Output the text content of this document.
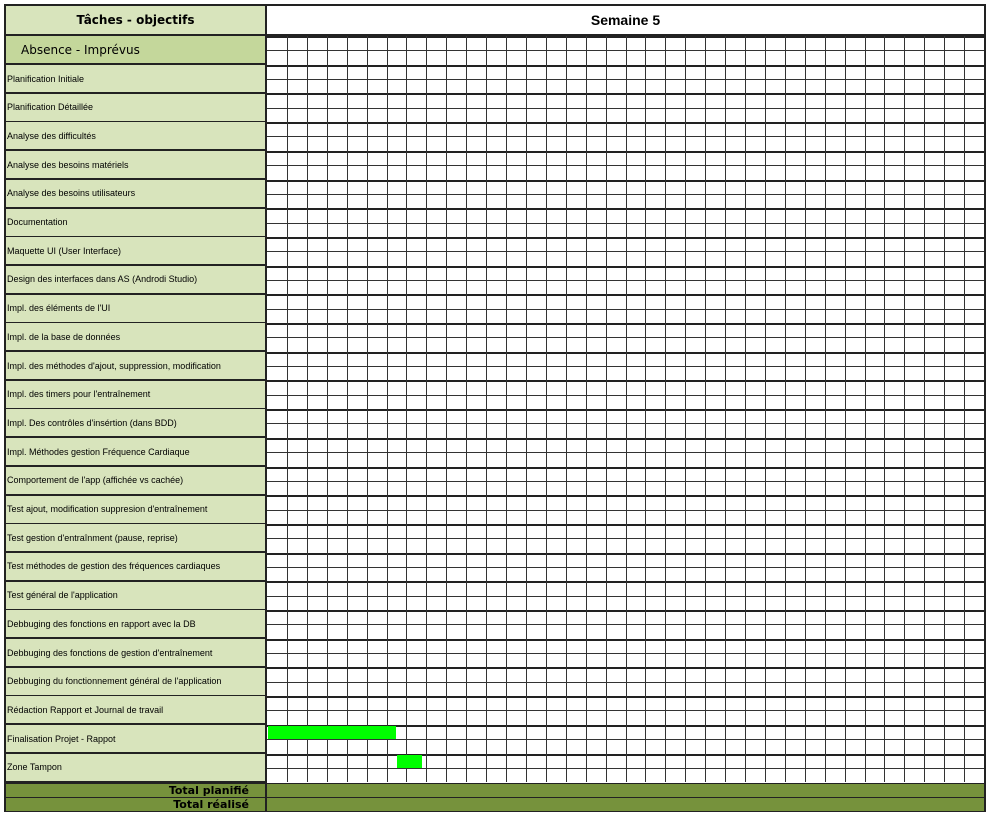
Tâches - objectifs	Semaine 5
Absence - Imprévus
Planification Initiale
Planification Détaillée
Analyse des difficultés
Analyse des besoins matériels
Analyse des besoins utilisateurs
Documentation
Maquette UI (User Interface)
Design des interfaces dans AS (Androdi Studio)
Impl. des éléments de l'UI
Impl. de la base de données
Impl. des méthodes d'ajout, suppression, modification
Impl. des timers pour l'entraînement
Impl. Des contrôles d'insértion (dans BDD)
Impl. Méthodes gestion Fréquence Cardiaque
Comportement de l'app (affichée vs cachée)
Test ajout, modification suppresion d'entraînement
Test gestion d'entraînment (pause, reprise)
Test méthodes de gestion des fréquences cardiaques
Test général de l'application
Debbuging des fonctions en rapport avec la DB
Debbuging des fonctions de gestion d'entraînement
Debbuging du fonctionnement général de l'application
Rédaction Rapport et Journal de travail
Finalisation Projet - Rappot
Zone Tampon
Total planifié
Total réalisé
